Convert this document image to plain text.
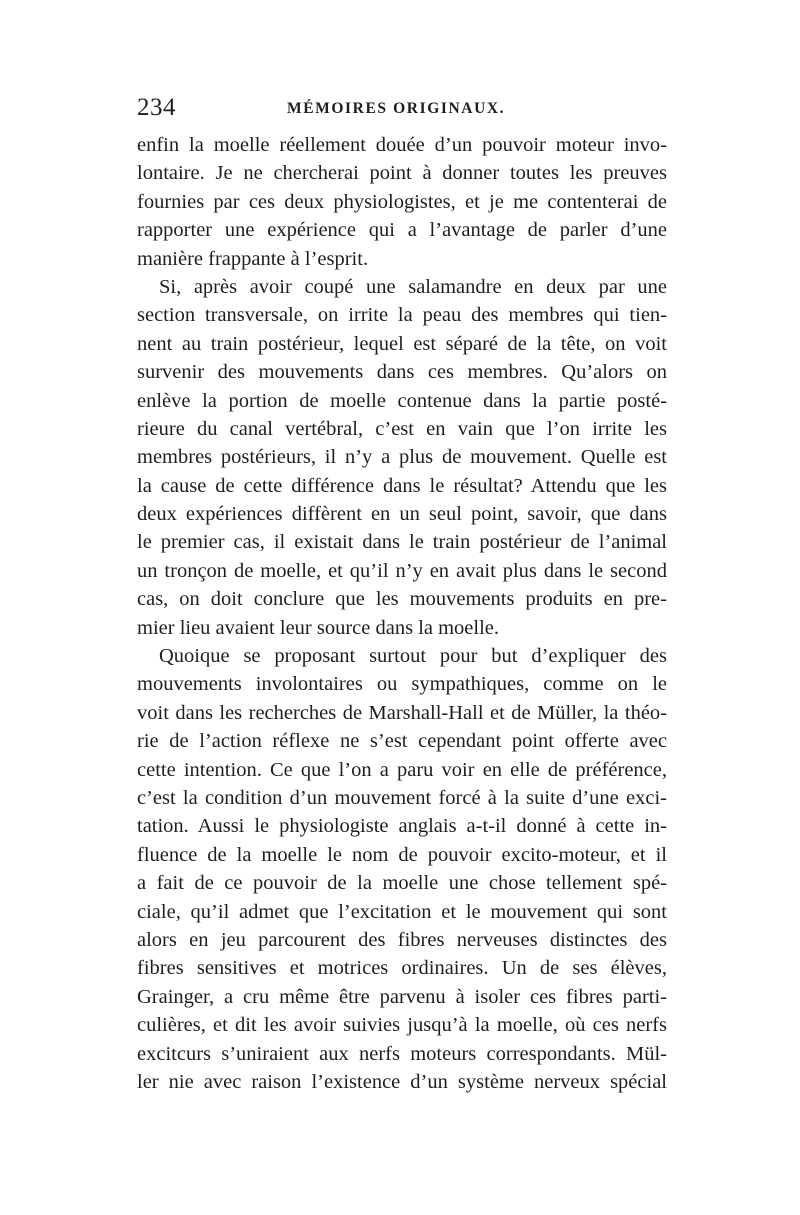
234	MÉMOIRES ORIGINAUX.
enfin la moelle réellement douée d’un pouvoir moteur invo-
lontaire. Je ne chercherai point à donner toutes les preuves
fournies par ces deux physiologistes, et je me contenterai de
rapporter une expérience qui a l’avantage de parler d’une
manière frappante à l’esprit.
Si, après avoir coupé une salamandre en deux par une
section transversale, on irrite la peau des membres qui tien-
nent au train postérieur, lequel est séparé de la tête, on voit
survenir des mouvements dans ces membres. Qu’alors on
enlève la portion de moelle contenue dans la partie posté-
rieure du canal vertébral, c’est en vain que l’on irrite les
membres postérieurs, il n’y a plus de mouvement. Quelle est
la cause de cette différence dans le résultat? Attendu que les
deux expériences diffèrent en un seul point, savoir, que dans
le premier cas, il existait dans le train postérieur de l’animal
un tronçon de moelle, et qu’il n’y en avait plus dans le second
cas, on doit conclure que les mouvements produits en pre-
mier lieu avaient leur source dans la moelle.
Quoique se proposant surtout pour but d’expliquer des
mouvements involontaires ou sympathiques, comme on le
voit dans les recherches de Marshall-Hall et de Müller, la théo-
rie de l’action réflexe ne s’est cependant point offerte avec
cette intention. Ce que l’on a paru voir en elle de préférence,
c’est la condition d’un mouvement forcé à la suite d’une exci-
tation. Aussi le physiologiste anglais a-t-il donné à cette in-
fluence de la moelle le nom de pouvoir excito-moteur, et il
a fait de ce pouvoir de la moelle une chose tellement spé-
ciale, qu’il admet que l’excitation et le mouvement qui sont
alors en jeu parcourent des fibres nerveuses distinctes des
fibres sensitives et motrices ordinaires. Un de ses élèves,
Grainger, a cru même être parvenu à isoler ces fibres parti-
culières, et dit les avoir suivies jusqu’à la moelle, où ces nerfs
excitcurs s’uniraient aux nerfs moteurs correspondants. Mül-
ler nie avec raison l’existence d’un système nerveux spécial
